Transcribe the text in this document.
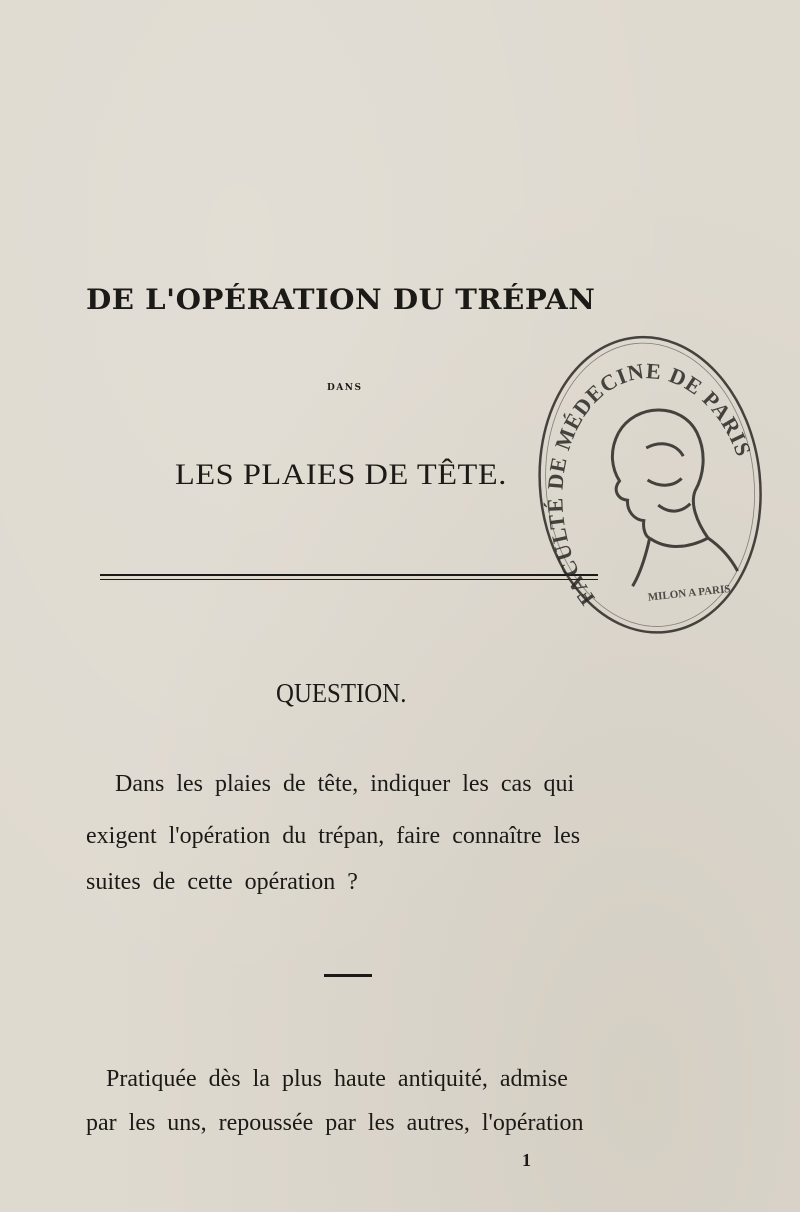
DE L'OPÉRATION DU TRÉPAN
DANS
LES PLAIES DE TÊTE.
FACULTÉ DE MÉDECINE DE PARIS
MILON A PARIS
QUESTION.
Dans les plaies de tête, indiquer les cas qui
exigent l'opération du trépan, faire connaître les
suites de cette opération ?
Pratiquée dès la plus haute antiquité, admise
par les uns, repoussée par les autres, l'opération
1
